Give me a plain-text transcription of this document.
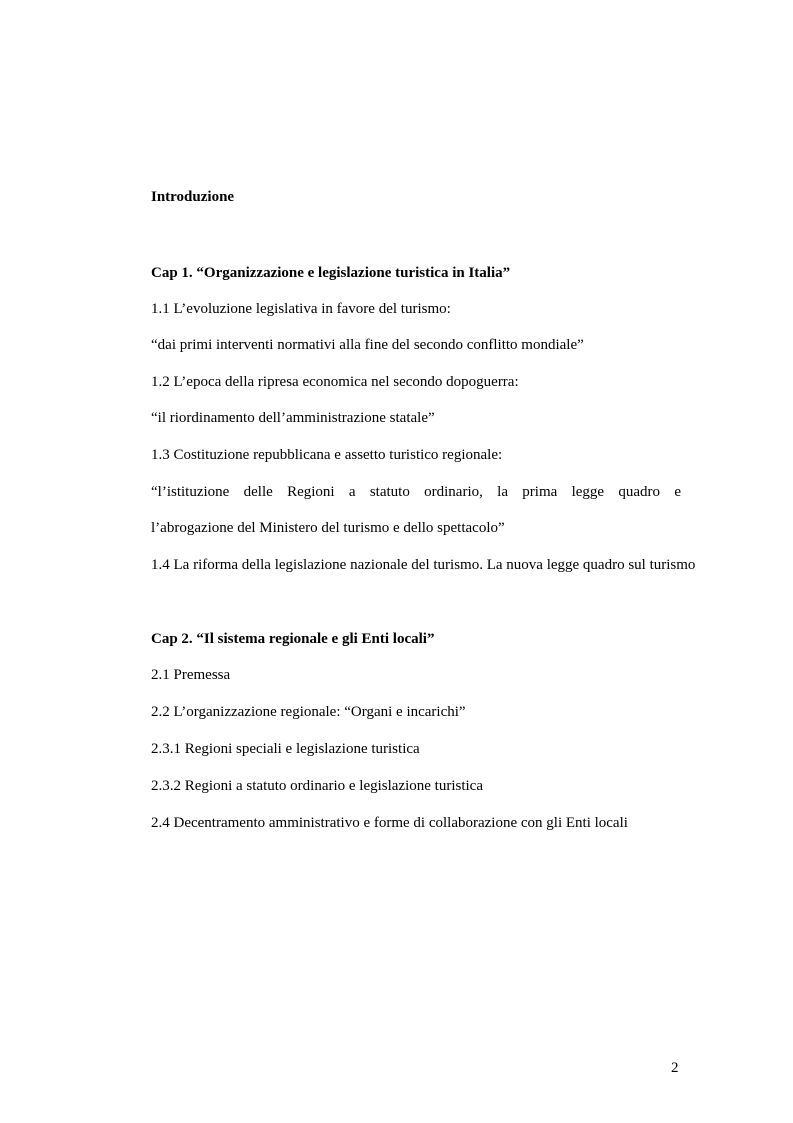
Introduzione

Cap 1. “Organizzazione e legislazione turistica in Italia”

1.1 L’evoluzione legislativa in favore del turismo:

“dai primi interventi normativi alla fine del secondo conflitto mondiale”

1.2 L’epoca della ripresa economica nel secondo dopoguerra:

“il riordinamento dell’amministrazione statale”

1.3 Costituzione repubblicana e assetto turistico regionale:

“l’istituzione delle Regioni a statuto ordinario, la prima legge quadro e

l’abrogazione del Ministero del turismo e dello spettacolo”

1.4 La riforma della legislazione nazionale del turismo. La nuova legge quadro sul turismo

Cap 2. “Il sistema regionale e gli Enti locali”

2.1 Premessa

2.2 L’organizzazione regionale: “Organi e incarichi”

2.3.1 Regioni speciali e legislazione turistica

2.3.2 Regioni a statuto ordinario e legislazione turistica

2.4 Decentramento amministrativo e forme di collaborazione con gli Enti locali

2
